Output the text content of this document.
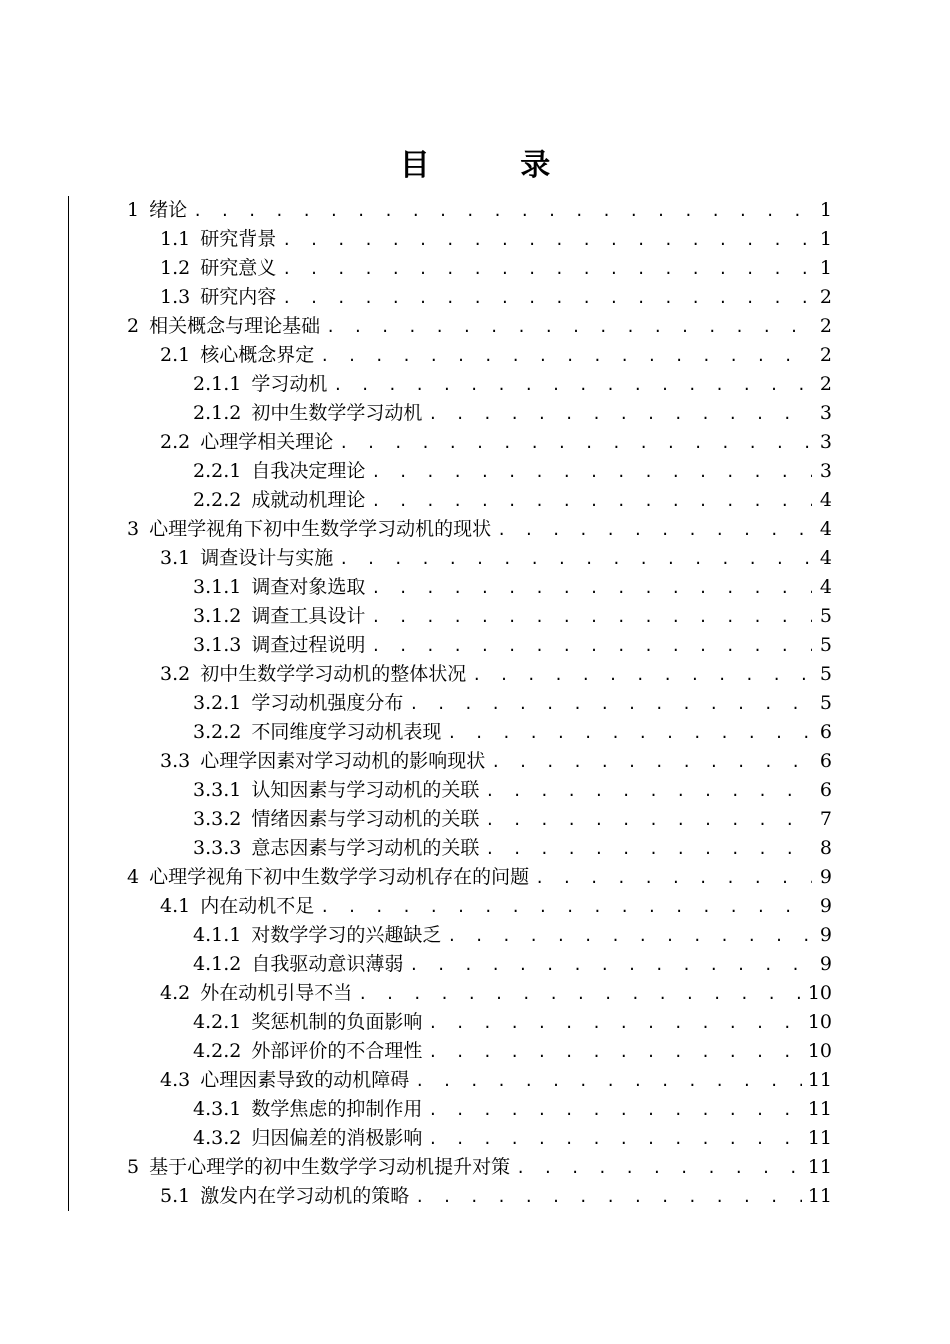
目 录
1 绪论 . . .	1
1.1 研究背景 . . .	1
1.2 研究意义 . . .	1
1.3 研究内容 . . .	2
2 相关概念与理论基础 . . .	2
2.1 核心概念界定 . . .	2
2.1.1 学习动机 . . .	2
2.1.2 初中生数学学习动机 . . .	3
2.2 心理学相关理论 . . .	3
2.2.1 自我决定理论 . . .	3
2.2.2 成就动机理论 . . .	4
3 心理学视角下初中生数学学习动机的现状 . . .	4
3.1 调查设计与实施 . . .	4
3.1.1 调查对象选取 . . .	4
3.1.2 调查工具设计 . . .	5
3.1.3 调查过程说明 . . .	5
3.2 初中生数学学习动机的整体状况 . . .	5
3.2.1 学习动机强度分布 . . .	5
3.2.2 不同维度学习动机表现 . . .	6
3.3 心理学因素对学习动机的影响现状 . . .	6
3.3.1 认知因素与学习动机的关联 . . .	6
3.3.2 情绪因素与学习动机的关联 . . .	7
3.3.3 意志因素与学习动机的关联 . . .	8
4 心理学视角下初中生数学学习动机存在的问题 . . .	9
4.1 内在动机不足 . . .	9
4.1.1 对数学学习的兴趣缺乏 . . .	9
4.1.2 自我驱动意识薄弱 . . .	9
4.2 外在动机引导不当 . . .	10
4.2.1 奖惩机制的负面影响 . . .	10
4.2.2 外部评价的不合理性 . . .	10
4.3 心理因素导致的动机障碍 . . .	11
4.3.1 数学焦虑的抑制作用 . . .	11
4.3.2 归因偏差的消极影响 . . .	11
5 基于心理学的初中生数学学习动机提升对策 . . .	11
5.1 激发内在学习动机的策略 . . .	11
